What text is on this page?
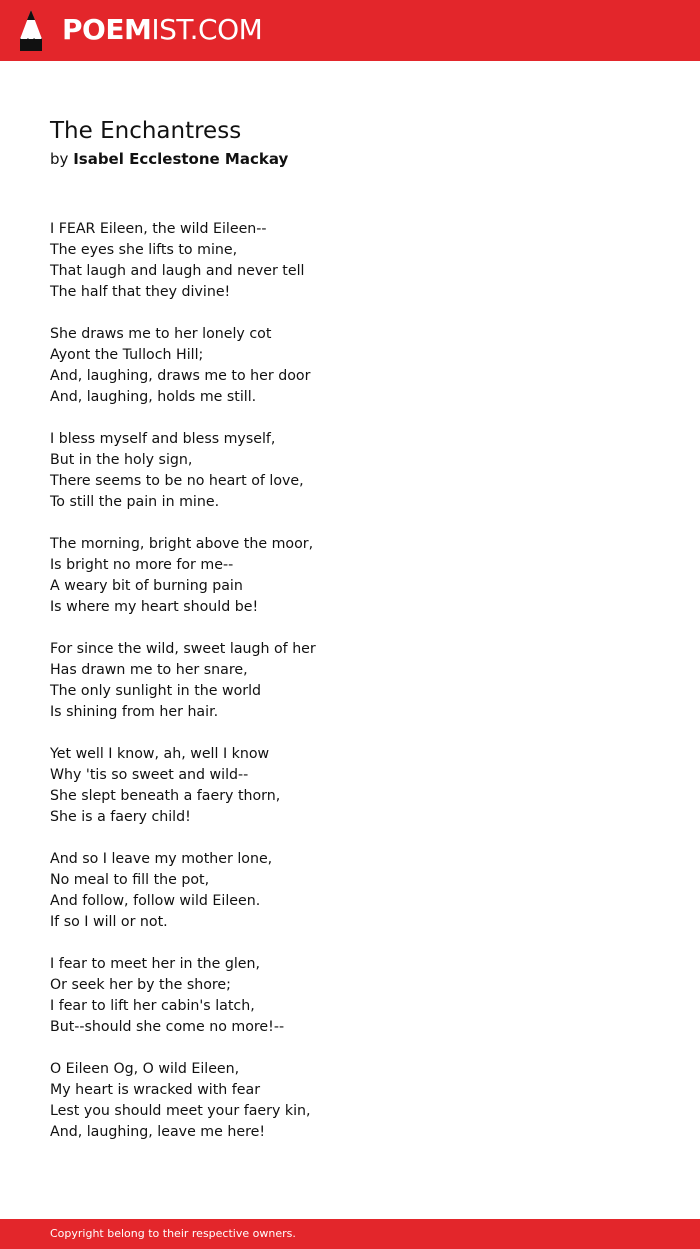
POEMIST.COM
The Enchantress
by Isabel Ecclestone Mackay
I FEAR Eileen, the wild Eileen--
The eyes she lifts to mine,
That laugh and laugh and never tell
The half that they divine!
She draws me to her lonely cot
Ayont the Tulloch Hill;
And, laughing, draws me to her door
And, laughing, holds me still.
I bless myself and bless myself,
But in the holy sign,
There seems to be no heart of love,
To still the pain in mine.
The morning, bright above the moor,
Is bright no more for me--
A weary bit of burning pain
Is where my heart should be!
For since the wild, sweet laugh of her
Has drawn me to her snare,
The only sunlight in the world
Is shining from her hair.
Yet well I know, ah, well I know
Why 'tis so sweet and wild--
She slept beneath a faery thorn,
She is a faery child!
And so I leave my mother lone,
No meal to fill the pot,
And follow, follow wild Eileen.
If so I will or not.
I fear to meet her in the glen,
Or seek her by the shore;
I fear to lift her cabin's latch,
But--should she come no more!--
O Eileen Og, O wild Eileen,
My heart is wracked with fear
Lest you should meet your faery kin,
And, laughing, leave me here!
Copyright belong to their respective owners.
